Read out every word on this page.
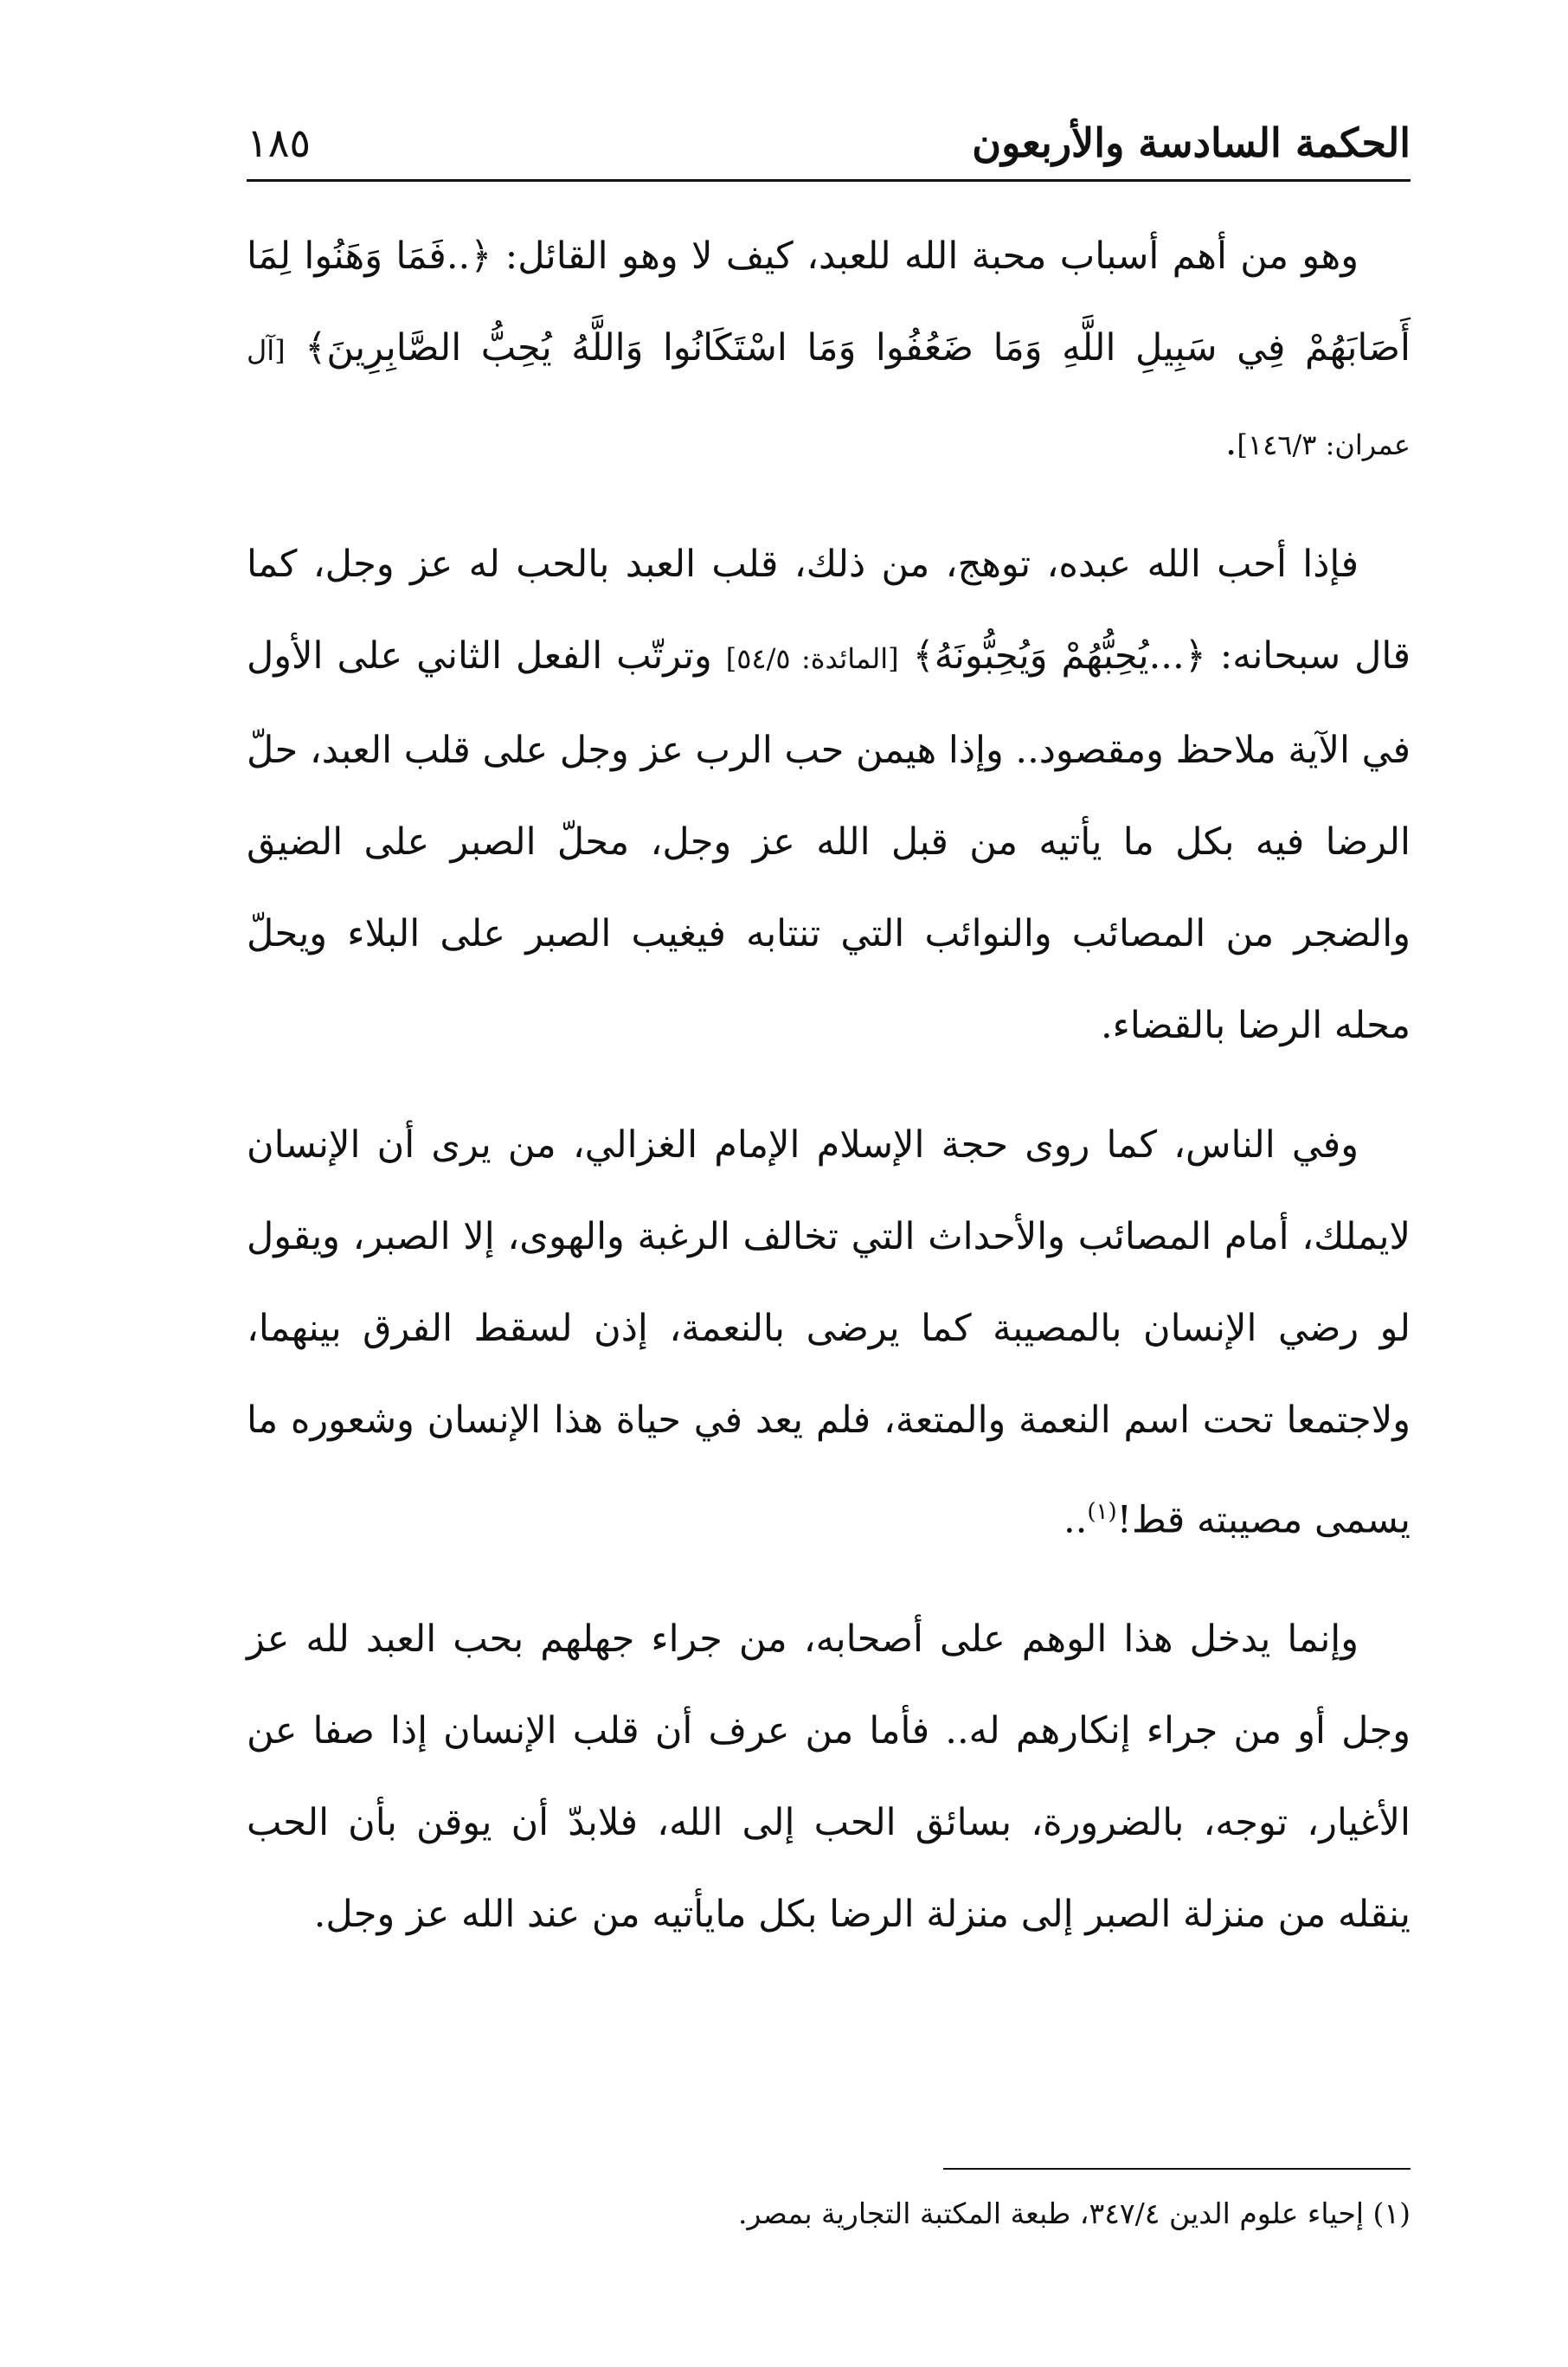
الحكمة السادسة والأربعون
١٨٥

وهو من أهم أسباب محبة الله للعبد، كيف لا وهو القائل: ﴿..فَمَا وَهَنُوا لِمَا أَصَابَهُمْ فِي سَبِيلِ اللَّهِ وَمَا ضَعُفُوا وَمَا اسْتَكَانُوا وَاللَّهُ يُحِبُّ الصَّابِرِينَ﴾ [آل عمران: ١٤٦/٣].

فإذا أحب الله عبده، توهج، من ذلك، قلب العبد بالحب له عز وجل، كما قال سبحانه: ﴿...يُحِبُّهُمْ وَيُحِبُّونَهُ﴾ [المائدة: ٥٤/٥] وترتّب الفعل الثاني على الأول في الآية ملاحظ ومقصود.. وإذا هيمن حب الرب عز وجل على قلب العبد، حلّ الرضا فيه بكل ما يأتيه من قبل الله عز وجل، محلّ الصبر على الضيق والضجر من المصائب والنوائب التي تنتابه فيغيب الصبر على البلاء ويحلّ محله الرضا بالقضاء.

وفي الناس، كما روى حجة الإسلام الإمام الغزالي، من يرى أن الإنسان لايملك، أمام المصائب والأحداث التي تخالف الرغبة والهوى، إلا الصبر، ويقول لو رضي الإنسان بالمصيبة كما يرضى بالنعمة، إذن لسقط الفرق بينهما، ولاجتمعا تحت اسم النعمة والمتعة، فلم يعد في حياة هذا الإنسان وشعوره ما يسمى مصيبته قط!$^{(١)}$..

وإنما يدخل هذا الوهم على أصحابه، من جراء جهلهم بحب العبد لله عز وجل أو من جراء إنكارهم له.. فأما من عرف أن قلب الإنسان إذا صفا عن الأغيار، توجه، بالضرورة، بسائق الحب إلى الله، فلابدّ أن يوقن بأن الحب ينقله من منزلة الصبر إلى منزلة الرضا بكل مايأتيه من عند الله عز وجل.

(١) إحياء علوم الدين ٣٤٧/٤، طبعة المكتبة التجارية بمصر.
